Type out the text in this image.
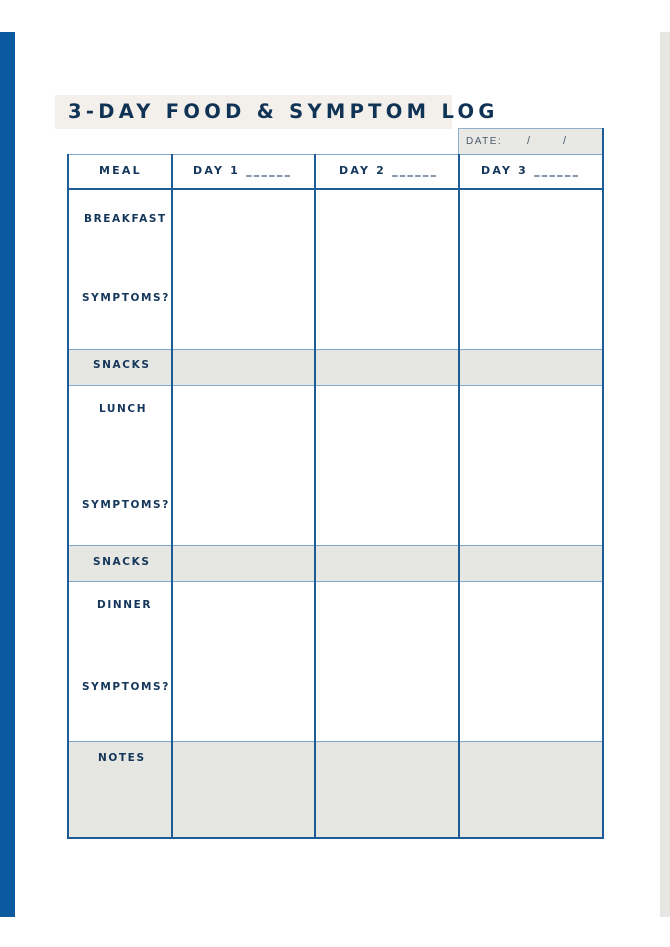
3-DAY FOOD & SYMPTOM LOG
DATE: /	/
MEAL	DAY 1 ______	DAY 2 ______	DAY 3 ______
BREAKFAST
SYMPTOMS?
SNACKS
LUNCH
SYMPTOMS?
SNACKS
DINNER
SYMPTOMS?
NOTES
